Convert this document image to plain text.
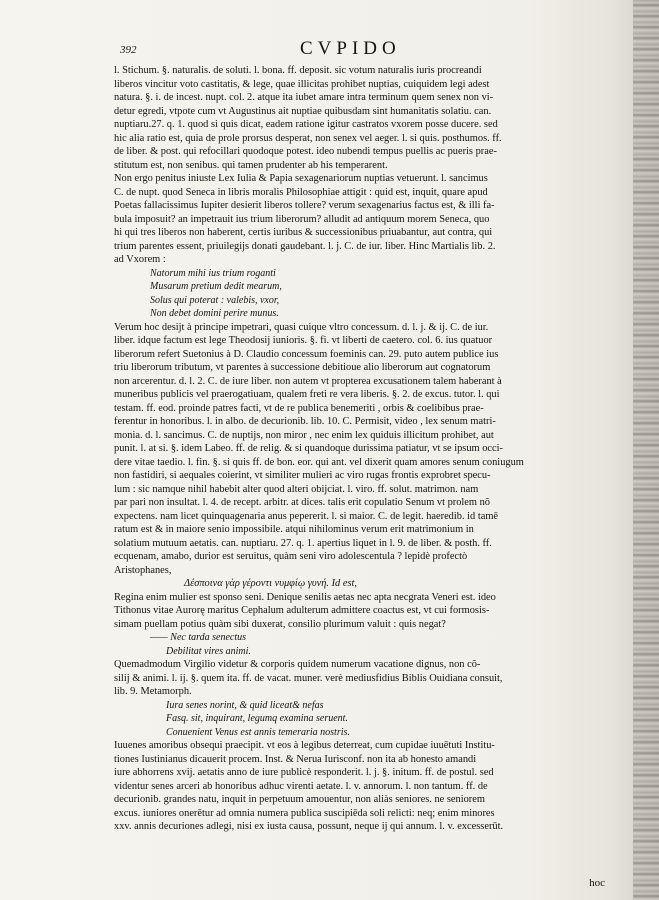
392	CVPIDO
l. Stichum. §. naturalis. de soluti. l. bona. ff. deposit. sic votum naturalis iuris procreandi
liberos vincitur voto castitatis, & lege, quae illicitas prohibet nuptias, cuiquidem legi adest
natura. §. i. de incest. nupt. col. 2. atque ita iubet amare intra terminum quem senex non vi-
detur egredi, vtpote cum vt Augustinus ait nuptiae quibusdam sint humanitatis solatiu. can.
nuptiaru.27. q. 1. quod si quis dicat, eadem ratione igitur castratos vxorem posse ducere. sed
hic alia ratio est, quia de prole prorsus desperat, non senex vel aeger. l. si quis. posthumos. ff.
de liber. & post. qui refocillari quodoque potest. ideo nubendi tempus puellis ac pueris prae-
stitutum est, non senibus. qui tamen prudenter ab his temperarent.
Non ergo penitus iniuste Lex Iulia & Papia sexagenariorum nuptias vetuerunt. l. sancimus
C. de nupt. quod Seneca in libris moralis Philosophiae attigit : quid est, inquit, quare apud
Poetas fallacissimus Iupiter desierit liberos tollere? verum sexagenarius factus est, & illi fa-
bula imposuit? an impetrauit ius trium liberorum? alludit ad antiquum morem Seneca, quo
hi qui tres liberos non haberent, certis iuribus & successionibus priuabantur, aut contra, qui
trium parentes essent, priuilegijs donati gaudebant. l. j. C. de iur. liber. Hinc Martialis lib. 2.
ad Vxorem :
Natorum mihi ius trium roganti
Musarum pretium dedit mearum,
Solus qui poterat : valebis, vxor,
Non debet domini perire munus.
Verum hoc desijt à principe impetrari, quasi cuique vltro concessum. d. l. j. & ij. C. de iur.
liber. idque factum est lege Theodosij iunioris. §. fi. vt liberti de caetero. col. 6. ius quatuor
liberorum refert Suetonius à D. Claudio concessum foeminis can. 29. puto autem publice ius
triu liberorum tributum, vt parentes à successione debitioue alio liberorum aut cognatorum
non arcerentur. d. l. 2. C. de iure liber. non autem vt propterea excusationem talem haberant à
muneribus publicis vel praerogatiuam, qualem freti re vera liberis. §. 2. de excus. tutor. l. qui
testam. ff. eod. proinde patres facti, vt de re publica benemeriti , orbis & coelibibus prae-
ferentur in honoribus. l. in albo. de decurionib. lib. 10. C. Permisit, video , lex senum matri-
monia. d. l. sancimus. C. de nuptijs, non miror , nec enim lex quiduis illicitum prohibet, aut
punit. l. at si. §. idem Labeo. ff. de relig. & si quandoque durissima patiatur, vt se ipsum occi-
dere vitae taedio. l. fin. §. si quis ff. de bon. eor. qui ant. vel dixerit quam amores senum coniugum
non fastidiri, si aequales coierint, vt similiter mulieri ac viro rugas frontis exprobret specu-
lum : sic namque nihil habebit alter quod alteri obijciat. l. viro. ff. solut. matrimon. nam
par pari non insultat. l. 4. de recept. arbitr. at dices. talis erit copulatio Senum vt prolem nõ
expectens. nam licet quinquagenaria anus pepererit. l. si maior. C. de legit. haeredib. id tamē
ratum est & in maiore senio impossibile. atqui nihilominus verum erit matrimonium in
solatium mutuum aetatis. can. nuptiaru. 27. q. 1. apertius liquet in l. 9. de liber. & posth. ff.
ecquenam, amabo, durior est seruitus, quàm seni viro adolescentula ? lepidè profectò
Aristophanes,
Δέσποινα γὰρ γέροντι νυμφίῳ γυνή. Id est,
Regina enim mulier est sponso seni. Denique senilis aetas nec apta necgrata Veneri est. ideo
Tithonus vitae Aurorę maritus Cephalum adulterum admittere coactus est, vt cui formosis-
simam puellam potius quàm sibi duxerat, consilio plurimum valuit : quis negat?
—— Nec tarda senectus
Debilitat vires animi.
Quemadmodum Virgilio videtur & corporis quidem numerum vacatione dignus, non cõ-
silij & animi. l. ij. §. quem ita. ff. de vacat. muner. verè mediusfidius Biblis Ouidiana consuit,
lib. 9. Metamorph.
Iura senes norint, & quid liceat& nefas
Fasq. sit, inquirant, legumq examina seruent.
Conuenient Venus est annis temeraria nostris.
Iuuenes amoribus obsequi praecipit. vt eos à legibus deterreat, cum cupidae iuuētuti Institu-
tiones Iustinianus dicauerit procem. Inst. & Nerua Iurisconf. non ita ab honesto amandi
iure abhorrens xvij. aetatis anno de iure publicè responderit. l. j. §. initum. ff. de postul. sed
videntur senes arceri ab honoribus adhuc virenti aetate. l. v. annorum. l. non tantum. ff. de
decurionib. grandes natu, inquit in perpetuum amouentur, non aliàs seniores. ne seniorem
excus. iuniores onerētur ad omnia numera publica suscipiēda soli relicti: neq; enim minores
xxv. annis decuriones adlegi, nisi ex iusta causa, possunt, neque ij qui annum. l. v. excesserūt.
hoc
